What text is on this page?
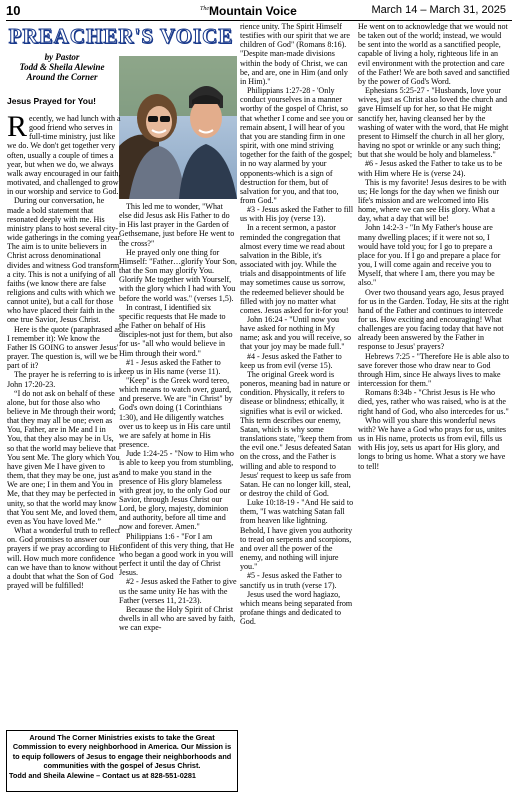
10	$^{The}$Mountain Voice	March 14 – March 31, 2025
PREACHER'S VOICE
by Pastor
Todd & Sheila Alewine
Around the Corner
Jesus Prayed for You!

Recently, we had lunch with a good friend who serves in full-time ministry, just like we do. We don't get together very often, usually a couple of times a year, but when we do, we always walk away encouraged in our faith, motivated, and challenged to grow in our worship and service to God.

During our conversation, he made a bold statement that resonated deeply with me. His ministry plans to host several city-wide gatherings in the coming year. The aim is to unite believers in Christ across denominational divides and witness God transform a city. This is not a unifying of all faiths (we know there are false religions and cults with which we cannot unite), but a call for those who have placed their faith in the one true Savior, Jesus Christ.

Here is the quote (paraphrased as I remember it): We know the Father IS GOING to answer Jesus' prayer. The question is, will we be part of it?

The prayer he is referring to is in John 17:20-23.

“I do not ask on behalf of these alone, but for those also who believe in Me through their word; that they may all be one; even as You, Father, are in Me and I in You, that they also may be in Us, so that the world may believe that You sent Me. The glory which You have given Me I have given to them, that they may be one, just as We are one; I in them and You in Me, that they may be perfected in unity, so that the world may know that You sent Me, and loved them, even as You have loved Me.”

What a wonderful truth to reflect on. God promises to answer our prayers if we pray according to His will. How much more confidence can we have than to know without a doubt that what the Son of God prayed will be fulfilled!

This led me to wonder, "What else did Jesus ask His Father to do in His last prayer in the Garden of Gethsemane, just before He went to the cross?"

He prayed only one thing for Himself: "Father…glorify Your Son, that the Son may glorify You. Glorify Me together with Yourself, with the glory which I had with You before the world was." (verses 1,5).

In contrast, I identified six specific requests that He made to the Father on behalf of His disciples-not just for them, but also for us- "all who would believe in Him through their word."

#1 - Jesus asked the Father to keep us in His name (verse 11).

"Keep" is the Greek word tereo, which means to watch over, guard, and preserve. We are "in Christ" by God's own doing (1 Corinthians 1:30), and He diligently watches over us to keep us in His care until we are safely at home in His presence.

Jude 1:24-25 - "Now to Him who is able to keep you from stumbling, and to make you stand in the presence of His glory blameless with great joy, to the only God our Savior, through Jesus Christ our Lord, be glory, majesty, dominion and authority, before all time and now and forever. Amen."

Philippians 1:6 - "For I am confident of this very thing, that He who began a good work in you will perfect it until the day of Christ Jesus.

#2 - Jesus asked the Father to give us the same unity He has with the Father (verses 11, 21-23).

Because the Holy Spirit of Christ dwells in all who are saved by faith, we can expe-

rience unity. The Spirit Himself testifies with our spirit that we are children of God" (Romans 8:16). "Despite man-made divisions within the body of Christ, we can be, and are, one in Him (and only in Him)."

Philippians 1:27-28 - 'Only conduct yourselves in a manner worthy of the gospel of Christ, so that whether I come and see you or remain absent, I will hear of you that you are standing firm in one spirit, with one mind striving together for the faith of the gospel; in no way alarmed by your opponents-which is a sign of destruction for them, but of salvation for you, and that too, from God."

#3 - Jesus asked the Father to fill us with His joy (verse 13).

In a recent sermon, a pastor reminded the congregation that almost every time we read about salvation in the Bible, it's associated with joy. While the trials and disappointments of life may sometimes cause us sorrow, the redeemed believer should be filled with joy no matter what comes. Jesus asked for it-for you!

John 16:24 - "Until now you have asked for nothing in My name; ask and you will receive, so that your joy may be made full."

#4 - Jesus asked the Father to keep us from evil (verse 15).

The original Greek word is poneros, meaning bad in nature or condition. Physically, it refers to disease or blindness; ethically, it signifies what is evil or wicked. This term describes our enemy, Satan, which is why some translations state, "keep them from the evil one." Jesus defeated Satan on the cross, and the Father is willing and able to respond to Jesus' request to keep us safe from Satan. He can no longer kill, steal, or destroy the child of God.

Luke 10:18-19 - "And He said to them, "I was watching Satan fall from heaven like lightning. Behold, I have given you authority to tread on serpents and scorpions, and over all the power of the enemy, and nothing will injure you."

#5 - Jesus asked the Father to sanctify us in truth (verse 17).

Jesus used the word hagiazo, which means being separated from profane things and dedicated to God.

He went on to acknowledge that we would not be taken out of the world; instead, we would be sent into the world as a sanctified people, capable of living a holy, righteous life in an evil environment with the protection and care of the Father! We are both saved and sanctified by the power of God's Word.

Ephesians 5:25-27 - "Husbands, love your wives, just as Christ also loved the church and gave Himself up for her, so that He might sanctify her, having cleansed her by the washing of water with the word, that He might present to Himself the church in all her glory, having no spot or wrinkle or any such thing; but that she would be holy and blameless."

#6 - Jesus asked the Father to take us to be with Him where He is (verse 24).

This is my favorite! Jesus desires to be with us; He longs for the day when we finish our life's mission and are welcomed into His home, where we can see His glory. What a day, what a day that will be!

John 14:2-3 - "In My Father's house are many dwelling places; if it were not so, I would have told you; for I go to prepare a place for you. If I go and prepare a place for you, I will come again and receive you to Myself, that where I am, there you may be also."

Over two thousand years ago, Jesus prayed for us in the Garden. Today, He sits at the right hand of the Father and continues to intercede for us. How exciting and encouraging! What challenges are you facing today that have not already been answered by the Father in response to Jesus' prayers?

Hebrews 7:25 - "Therefore He is able also to save forever those who draw near to God through Him, since He always lives to make intercession for them."

Romans 8:34b - "Christ Jesus is He who died, yes, rather who was raised, who is at the right hand of God, who also intercedes for us."

Who will you share this wonderful news with? We have a God who prays for us, unites us in His name, protects us from evil, fills us with His joy, sets us apart for His glory, and longs to bring us home. What a story we have to tell!

Around The Corner Ministries exists to take the Great Commission to every neighborhood in America. Our Mission is to equip followers of Jesus to engage their neighborhoods and communities with the gospel of Jesus Christ.
Todd and Sheila Alewine – Contact us at 828-551-0281
